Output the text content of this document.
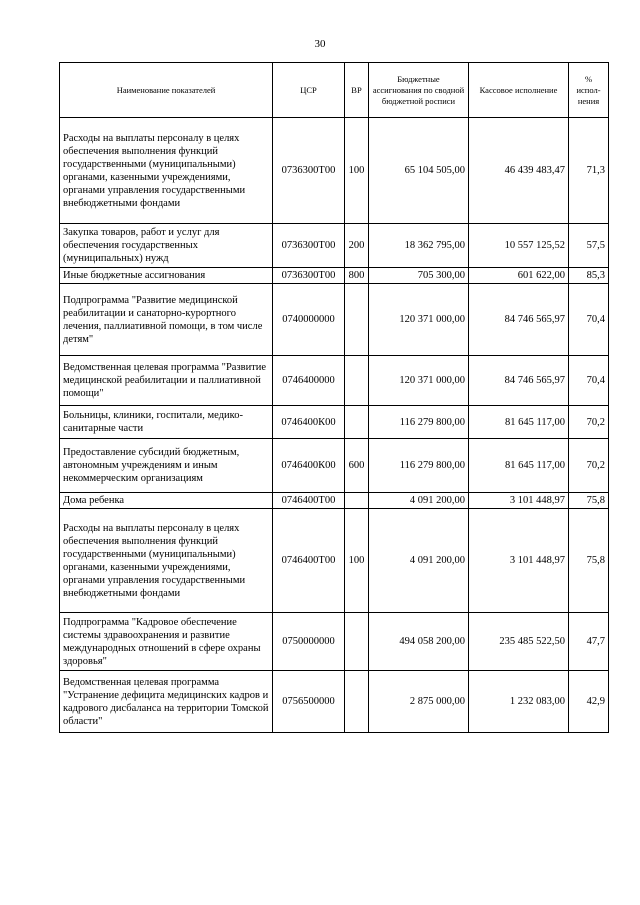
30
Наименование показателей	ЦСР	ВР	Бюджетные ассигнования по сводной бюджетной росписи	Кассовое исполнение	% испол-нения
Расходы на выплаты персоналу в целях обеспечения выполнения функций государственными (муниципальными) органами, казенными учреждениями, органами управления государственными внебюджетными фондами	0736300Т00	100	65 104 505,00	46 439 483,47	71,3
Закупка товаров, работ и услуг для обеспечения государственных (муниципальных) нужд	0736300Т00	200	18 362 795,00	10 557 125,52	57,5
Иные бюджетные ассигнования	0736300Т00	800	705 300,00	601 622,00	85,3
Подпрограмма "Развитие медицинской реабилитации и санаторно-курортного лечения, паллиативной помощи, в том числе детям"	0740000000		120 371 000,00	84 746 565,97	70,4
Ведомственная целевая программа "Развитие медицинской реабилитации и паллиативной помощи"	0746400000		120 371 000,00	84 746 565,97	70,4
Больницы, клиники, госпитали, медико-санитарные части	0746400К00		116 279 800,00	81 645 117,00	70,2
Предоставление субсидий бюджетным, автономным учреждениям и иным некоммерческим организациям	0746400К00	600	116 279 800,00	81 645 117,00	70,2
Дома ребенка	0746400Т00		4 091 200,00	3 101 448,97	75,8
Расходы на выплаты персоналу в целях обеспечения выполнения функций государственными (муниципальными) органами, казенными учреждениями, органами управления государственными внебюджетными фондами	0746400Т00	100	4 091 200,00	3 101 448,97	75,8
Подпрограмма "Кадровое обеспечение системы здравоохранения и развитие международных отношений в сфере охраны здоровья"	0750000000		494 058 200,00	235 485 522,50	47,7
Ведомственная целевая программа "Устранение дефицита медицинских кадров и кадрового дисбаланса на территории Томской области"	0756500000		2 875 000,00	1 232 083,00	42,9
